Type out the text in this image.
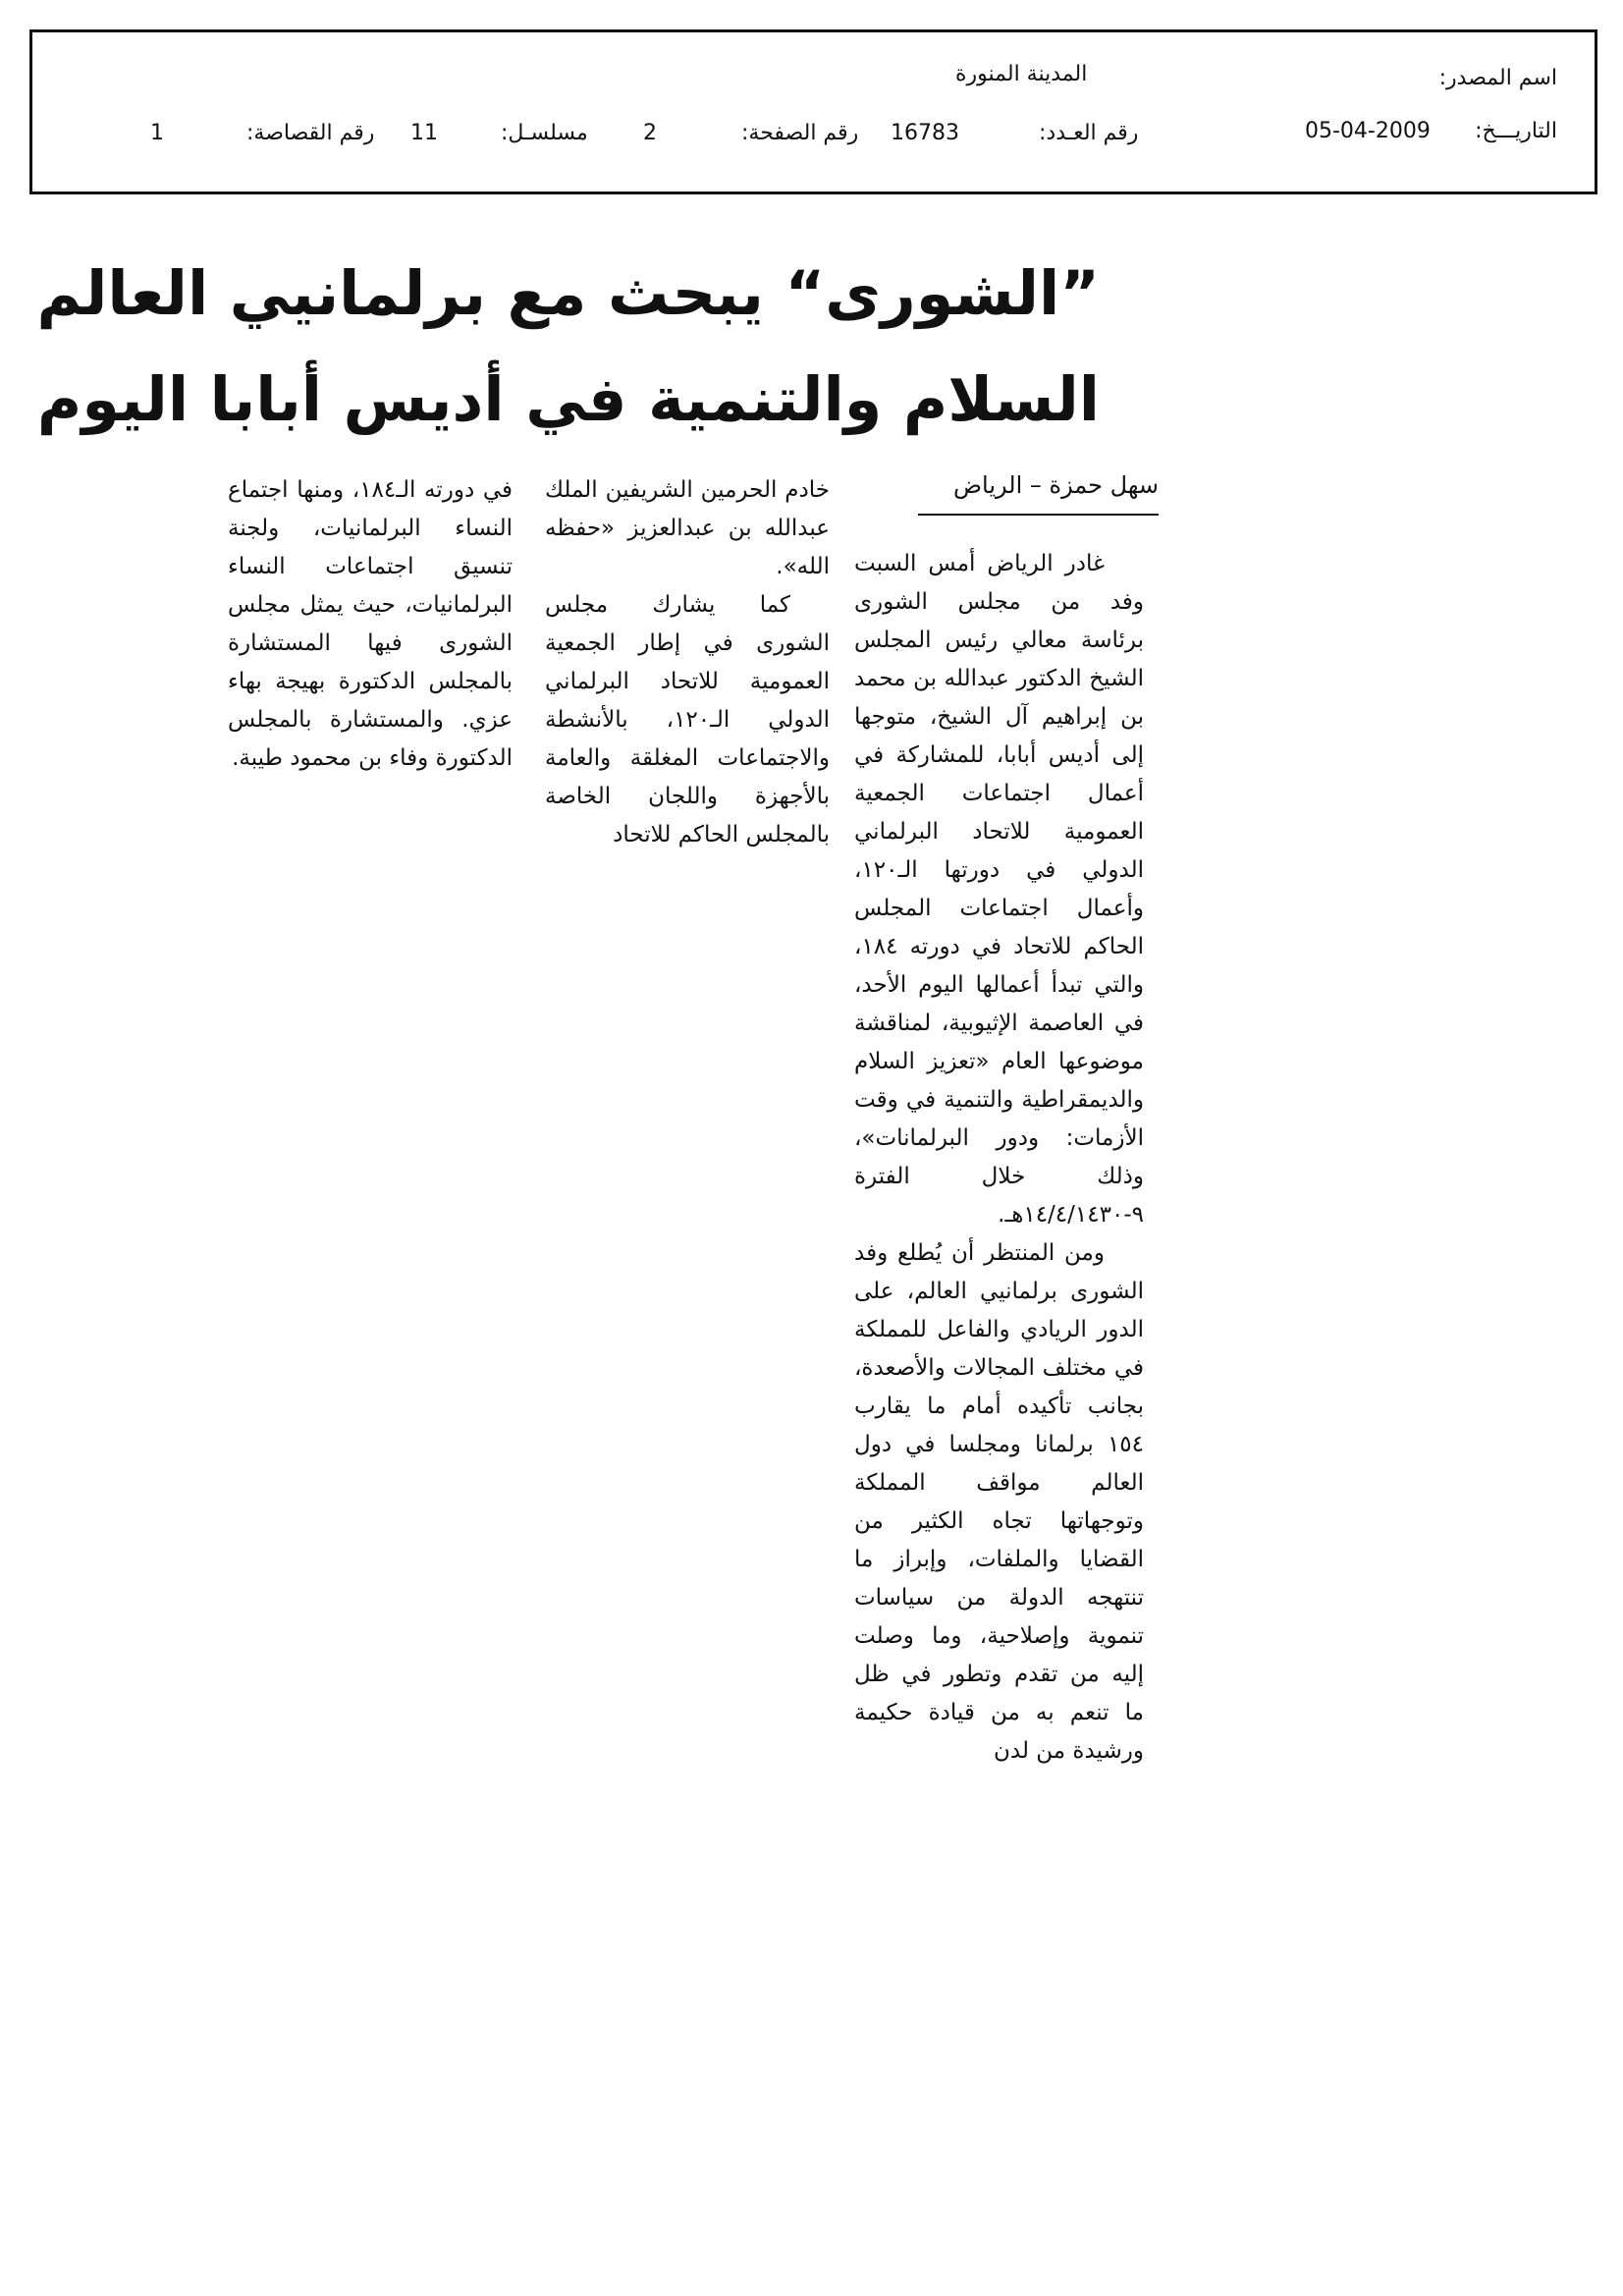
اسم المصدر:
المدينة المنورة
التاريـــخ:
05-04-2009
رقم العـدد:
16783
رقم الصفحة:
2
مسلسـل:
11
رقم القصاصة:
1
”الشورى“ يبحث مع برلمانيي العالم
السلام والتنمية في أديس أبابا اليوم
سهل حمزة – الرياض

غادر الرياض أمس السبت وفد من مجلس الشورى برئاسة معالي رئيس المجلس الشيخ الدكتور عبدالله بن محمد بن إبراهيم آل الشيخ، متوجها إلى أديس أبابا، للمشاركة في أعمال اجتماعات الجمعية العمومية للاتحاد البرلماني الدولي في دورتها الـ١٢٠، وأعمال اجتماعات المجلس الحاكم للاتحاد في دورته ١٨٤، والتي تبدأ أعمالها اليوم الأحد، في العاصمة الإثيوبية، لمناقشة موضوعها العام «تعزيز السلام والديمقراطية والتنمية في وقت الأزمات: ودور البرلمانات»، وذلك خلال الفترة ٩-١٤/٤/١٤٣٠هـ.

ومن المنتظر أن يُطلع وفد الشورى برلمانيي العالم، على الدور الريادي والفاعل للمملكة في مختلف المجالات والأصعدة، بجانب تأكيده أمام ما يقارب ١٥٤ برلمانا ومجلسا في دول العالم مواقف المملكة وتوجهاتها تجاه الكثير من القضايا والملفات، وإبراز ما تنتهجه الدولة من سياسات تنموية وإصلاحية، وما وصلت إليه من تقدم وتطور في ظل ما تنعم به من قيادة حكيمة ورشيدة من لدن

خادم الحرمين الشريفين الملك عبدالله بن عبدالعزيز «حفظه الله».

كما يشارك مجلس الشورى في إطار الجمعية العمومية للاتحاد البرلماني الدولي الـ١٢٠، بالأنشطة والاجتماعات المغلقة والعامة بالأجهزة واللجان الخاصة بالمجلس الحاكم للاتحاد

في دورته الـ١٨٤، ومنها اجتماع النساء البرلمانيات، ولجنة تنسيق اجتماعات النساء البرلمانيات، حيث يمثل مجلس الشورى فيها المستشارة بالمجلس الدكتورة بهيجة بهاء عزي. والمستشارة بالمجلس الدكتورة وفاء بن محمود طيبة.
